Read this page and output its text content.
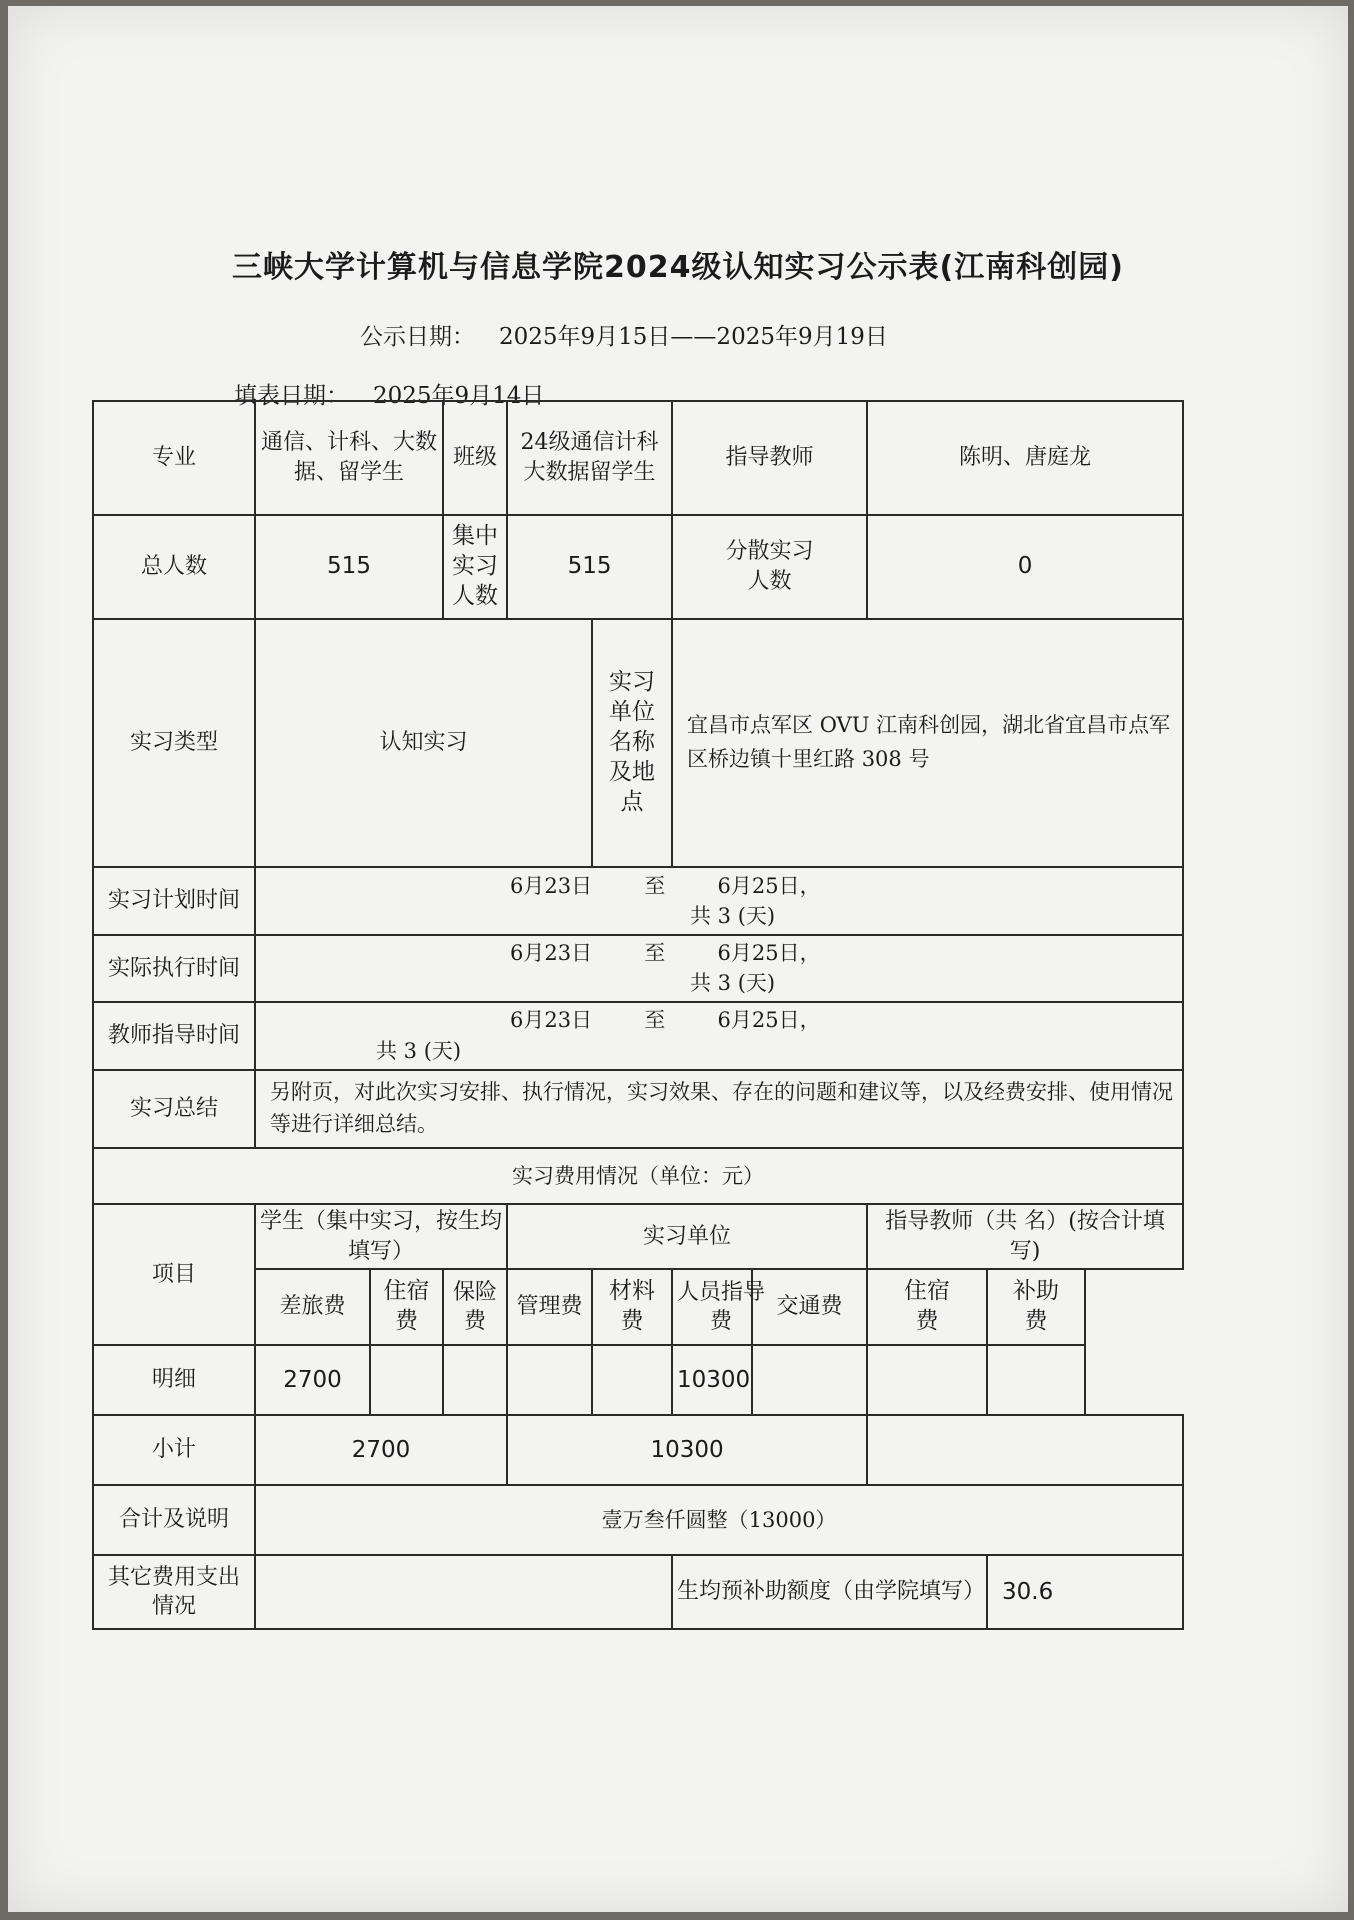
三峡大学计算机与信息学院2024级认知实习公示表(江南科创园)
公示日期： 2025年9月15日——2025年9月19日
填表日期： 2025年9月14日
专业	通信、计科、大数据、留学生		班级	24级通信计科大数据留学生		指导教师		陈明、唐庭龙	
总人数	515		集中实习人数	515		分散实习人数		0	
实习类型	认知实习				实习单位名称及地点	宜昌市点军区 OVU 江南科创园，湖北省宜昌市点军区桥边镇十里红路 308 号			
实习计划时间	6月23日 至 6月25日，
共 3 (天)								

实际执行时间	6月23日 至 6月25日，
共 3 (天)								

教师指导时间	6月23日 至 6月25日，
共 3 (天)								

实习总结	另附页，对此次实习安排、执行情况，实习效果、存在的问题和建议等，以及经费安排、使用情况等进行详细总结。								
实习费用情况（单位：元）									
项目	学生（集中实习，按生均填写）			实习单位				指导教师（共 名）(按合计填写)	
	差旅费	住宿费	保险费	管理费	材料费	人员指导费	交通费	住宿费	补助费

明细	2700					10300			
小计	2700			10300					
合计及说明	壹万叁仟圆整（13000）								
其它费用支出情况						生均预补助额度（由学院填写）			30.6
